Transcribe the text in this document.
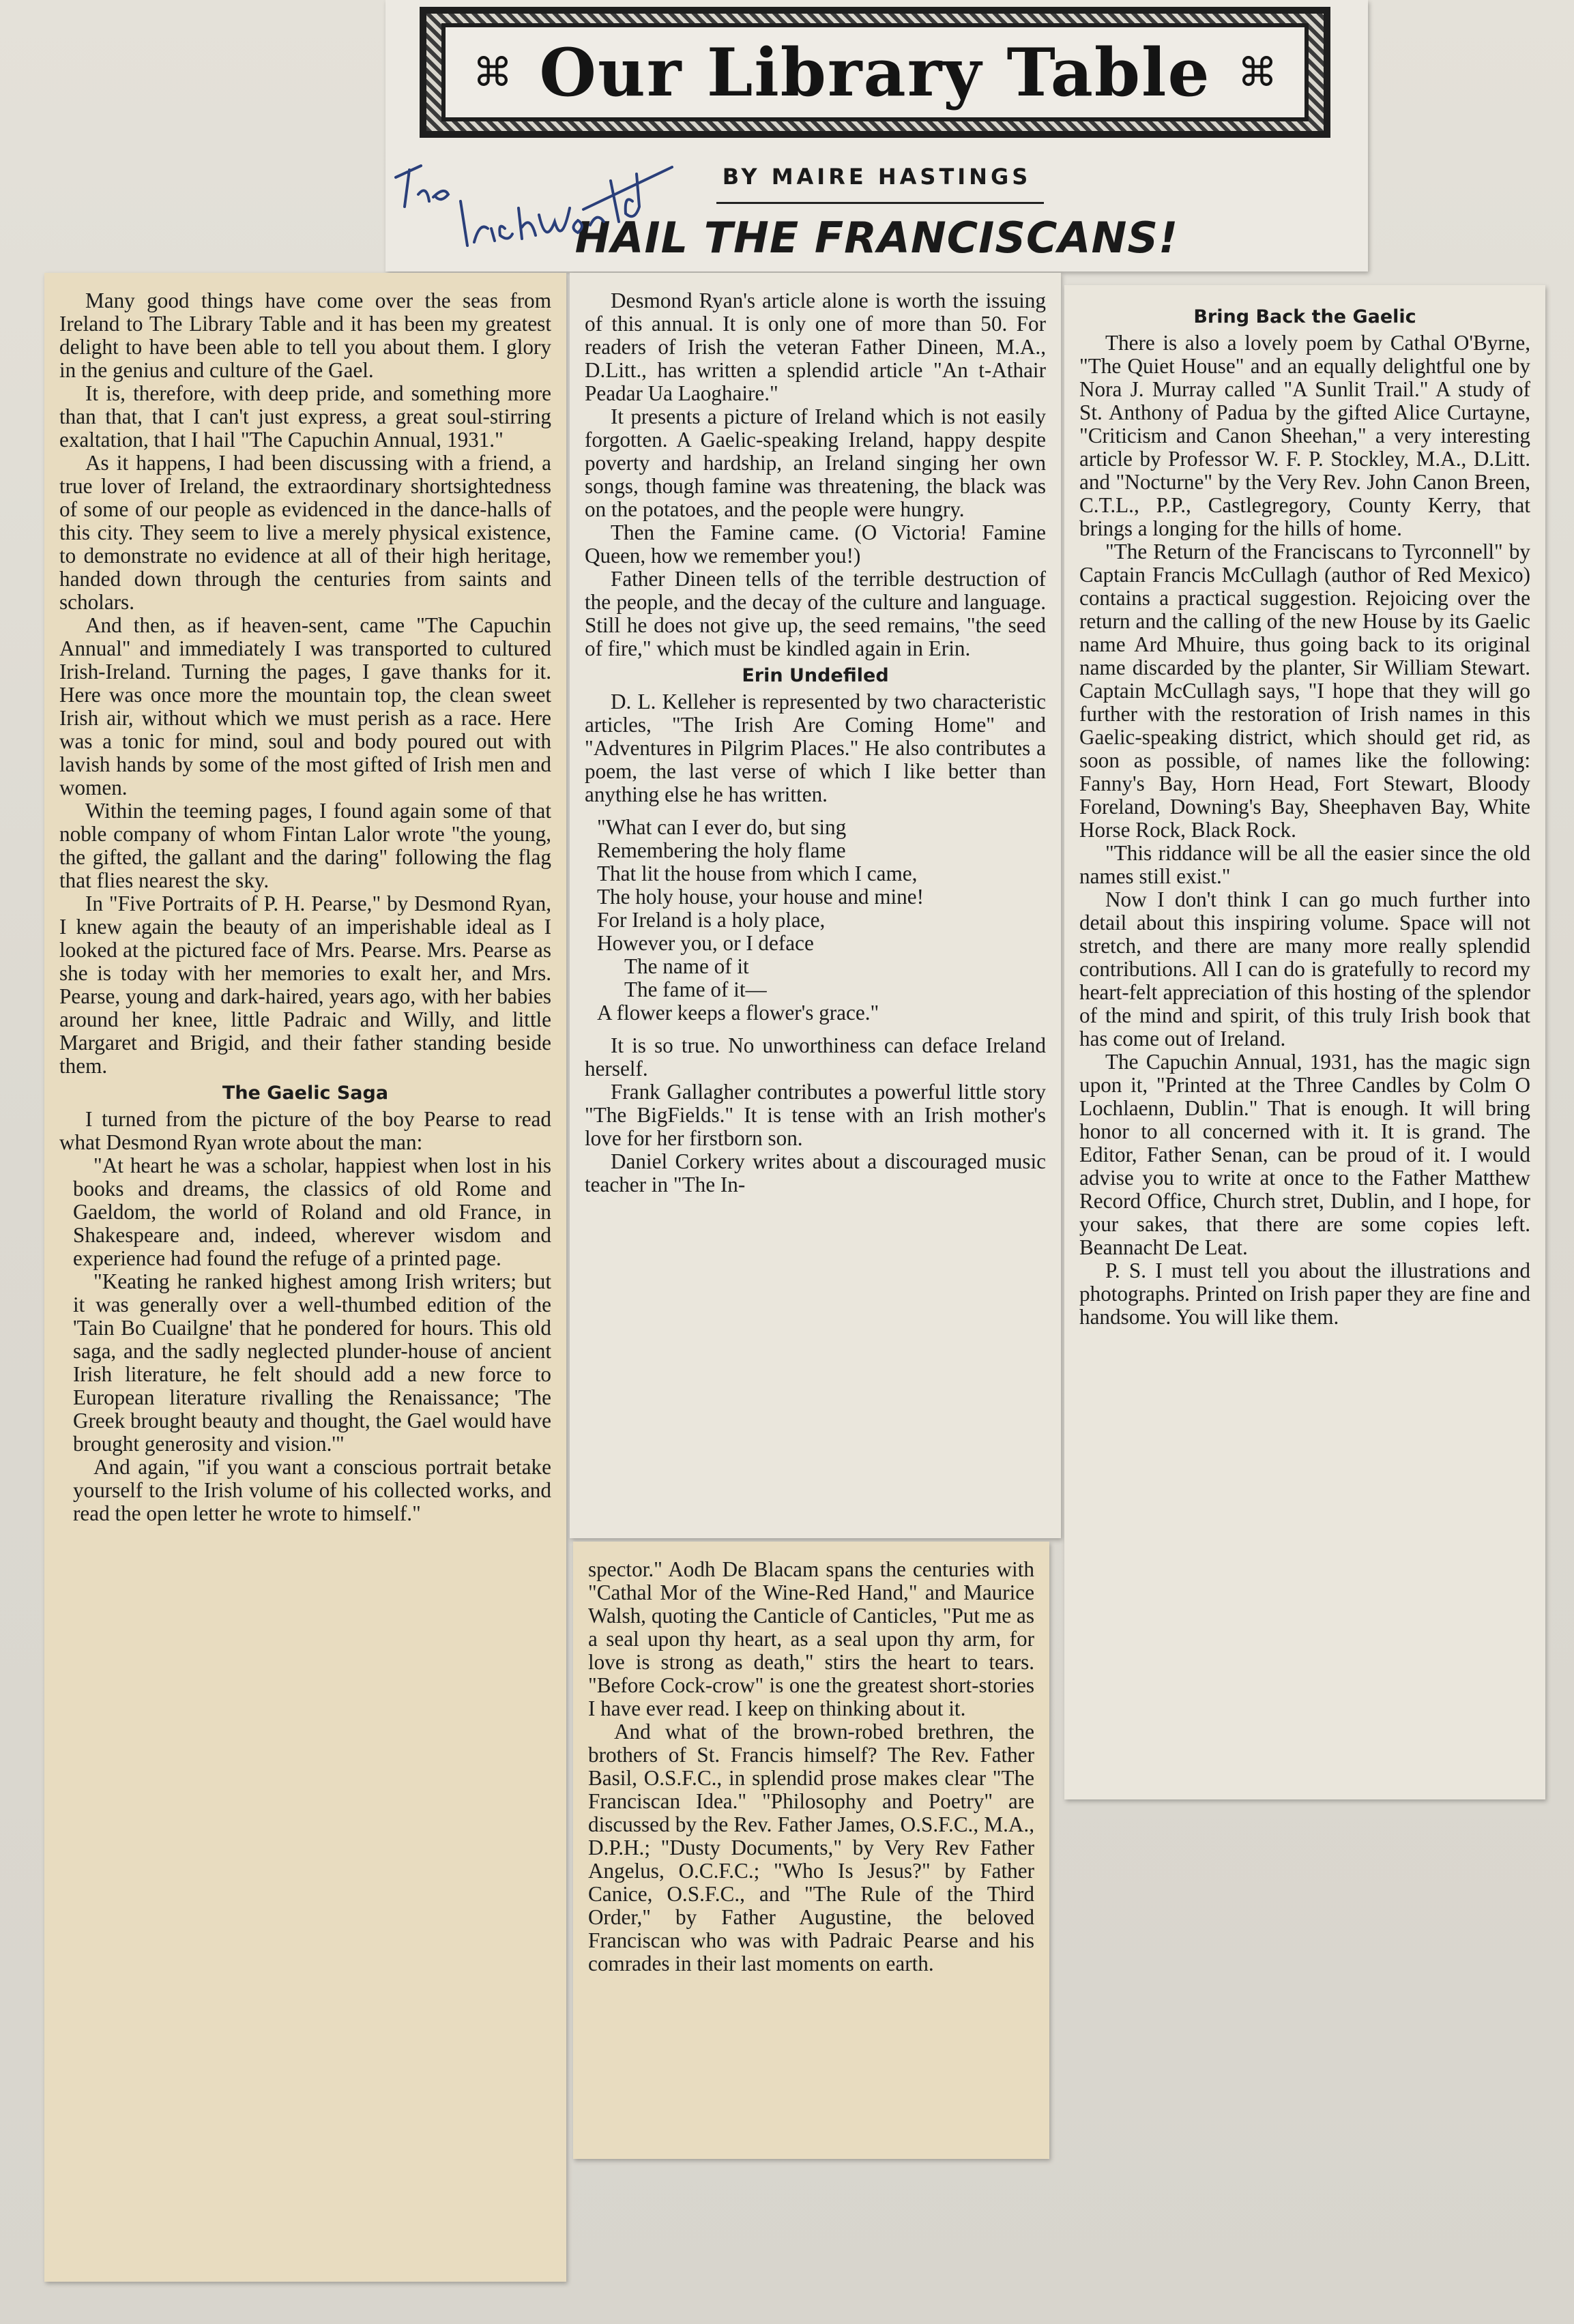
⌘ Our Library Table ⌘
BY MAIRE HASTINGS
HAIL THE FRANCISCANS!
The Irish World

Many good things have come over the seas from Ireland to The Library Table and it has been my greatest delight to have been able to tell you about them. I glory in the genius and culture of the Gael.

It is, therefore, with deep pride, and something more than that, that I can't just express, a great soul-stirring exaltation, that I hail "The Capuchin Annual, 1931."

As it happens, I had been discussing with a friend, a true lover of Ireland, the extraordinary shortsightedness of some of our people as evidenced in the dance-halls of this city. They seem to live a merely physical existence, to demonstrate no evidence at all of their high heritage, handed down through the centuries from saints and scholars.

And then, as if heaven-sent, came "The Capuchin Annual" and immediately I was transported to cultured Irish-Ireland. Turning the pages, I gave thanks for it. Here was once more the mountain top, the clean sweet Irish air, without which we must perish as a race. Here was a tonic for mind, soul and body poured out with lavish hands by some of the most gifted of Irish men and women.

Within the teeming pages, I found again some of that noble company of whom Fintan Lalor wrote "the young, the gifted, the gallant and the daring" following the flag that flies nearest the sky.

In "Five Portraits of P. H. Pearse," by Desmond Ryan, I knew again the beauty of an imperishable ideal as I looked at the pictured face of Mrs. Pearse. Mrs. Pearse as she is today with her memories to exalt her, and Mrs. Pearse, young and dark-haired, years ago, with her babies around her knee, little Padraic and Willy, and little Margaret and Brigid, and their father standing beside them.

The Gaelic Saga

I turned from the picture of the boy Pearse to read what Desmond Ryan wrote about the man:

"At heart he was a scholar, happiest when lost in his books and dreams, the classics of old Rome and Gaeldom, the world of Roland and old France, in Shakespeare and, indeed, wherever wisdom and experience had found the refuge of a printed page.

"Keating he ranked highest among Irish writers; but it was generally over a well-thumbed edition of the 'Tain Bo Cuailgne' that he pondered for hours. This old saga, and the sadly neglected plunder-house of ancient Irish literature, he felt should add a new force to European literature rivalling the Renaissance; 'The Greek brought beauty and thought, the Gael would have brought generosity and vision.'"

And again, "if you want a conscious portrait betake yourself to the Irish volume of his collected works, and read the open letter he wrote to himself."

Desmond Ryan's article alone is worth the issuing of this annual. It is only one of more than 50. For readers of Irish the veteran Father Dineen, M.A., D.Litt., has written a splendid article "An t-Athair Peadar Ua Laoghaire."

It presents a picture of Ireland which is not easily forgotten. A Gaelic-speaking Ireland, happy despite poverty and hardship, an Ireland singing her own songs, though famine was threatening, the black was on the potatoes, and the people were hungry.

Then the Famine came. (O Victoria! Famine Queen, how we remember you!)

Father Dineen tells of the terrible destruction of the people, and the decay of the culture and language. Still he does not give up, the seed remains, "the seed of fire," which must be kindled again in Erin.

Erin Undefiled

D. L. Kelleher is represented by two characteristic articles, "The Irish Are Coming Home" and "Adventures in Pilgrim Places." He also contributes a poem, the last verse of which I like better than anything else he has written.

"What can I ever do, but sing
Remembering the holy flame
That lit the house from which I came,
The holy house, your house and mine!
For Ireland is a holy place,
However you, or I deface
The name of it
The fame of it—
A flower keeps a flower's grace."

It is so true. No unworthiness can deface Ireland herself.

Frank Gallagher contributes a powerful little story "The BigFields." It is tense with an Irish mother's love for her firstborn son.

Daniel Corkery writes about a discouraged music teacher in "The In-

spector." Aodh De Blacam spans the centuries with "Cathal Mor of the Wine-Red Hand," and Maurice Walsh, quoting the Canticle of Canticles, "Put me as a seal upon thy heart, as a seal upon thy arm, for love is strong as death," stirs the heart to tears. "Before Cock-crow" is one the greatest short-stories I have ever read. I keep on thinking about it.

And what of the brown-robed brethren, the brothers of St. Francis himself? The Rev. Father Basil, O.S.F.C., in splendid prose makes clear "The Franciscan Idea." "Philosophy and Poetry" are discussed by the Rev. Father James, O.S.F.C., M.A., D.P.H.; "Dusty Documents," by Very Rev Father Angelus, O.C.F.C.; "Who Is Jesus?" by Father Canice, O.S.F.C., and "The Rule of the Third Order," by Father Augustine, the beloved Franciscan who was with Padraic Pearse and his comrades in their last moments on earth.

Bring Back the Gaelic

There is also a lovely poem by Cathal O'Byrne, "The Quiet House" and an equally delightful one by Nora J. Murray called "A Sunlit Trail." A study of St. Anthony of Padua by the gifted Alice Curtayne, "Criticism and Canon Sheehan," a very interesting article by Professor W. F. P. Stockley, M.A., D.Litt. and "Nocturne" by the Very Rev. John Canon Breen, C.T.L., P.P., Castlegregory, County Kerry, that brings a longing for the hills of home.

"The Return of the Franciscans to Tyrconnell" by Captain Francis McCullagh (author of Red Mexico) contains a practical suggestion. Rejoicing over the return and the calling of the new House by its Gaelic name Ard Mhuire, thus going back to its original name discarded by the planter, Sir William Stewart. Captain McCullagh says, "I hope that they will go further with the restoration of Irish names in this Gaelic-speaking district, which should get rid, as soon as possible, of names like the following: Fanny's Bay, Horn Head, Fort Stewart, Bloody Foreland, Downing's Bay, Sheephaven Bay, White Horse Rock, Black Rock.

"This riddance will be all the easier since the old names still exist."

Now I don't think I can go much further into detail about this inspiring volume. Space will not stretch, and there are many more really splendid contributions. All I can do is gratefully to record my heart-felt appreciation of this hosting of the splendor of the mind and spirit, of this truly Irish book that has come out of Ireland.

The Capuchin Annual, 1931, has the magic sign upon it, "Printed at the Three Candles by Colm O Lochlaenn, Dublin." That is enough. It will bring honor to all concerned with it. It is grand. The Editor, Father Senan, can be proud of it. I would advise you to write at once to the Father Matthew Record Office, Church stret, Dublin, and I hope, for your sakes, that there are some copies left. Beannacht De Leat.

P. S. I must tell you about the illustrations and photographs. Printed on Irish paper they are fine and handsome. You will like them.
